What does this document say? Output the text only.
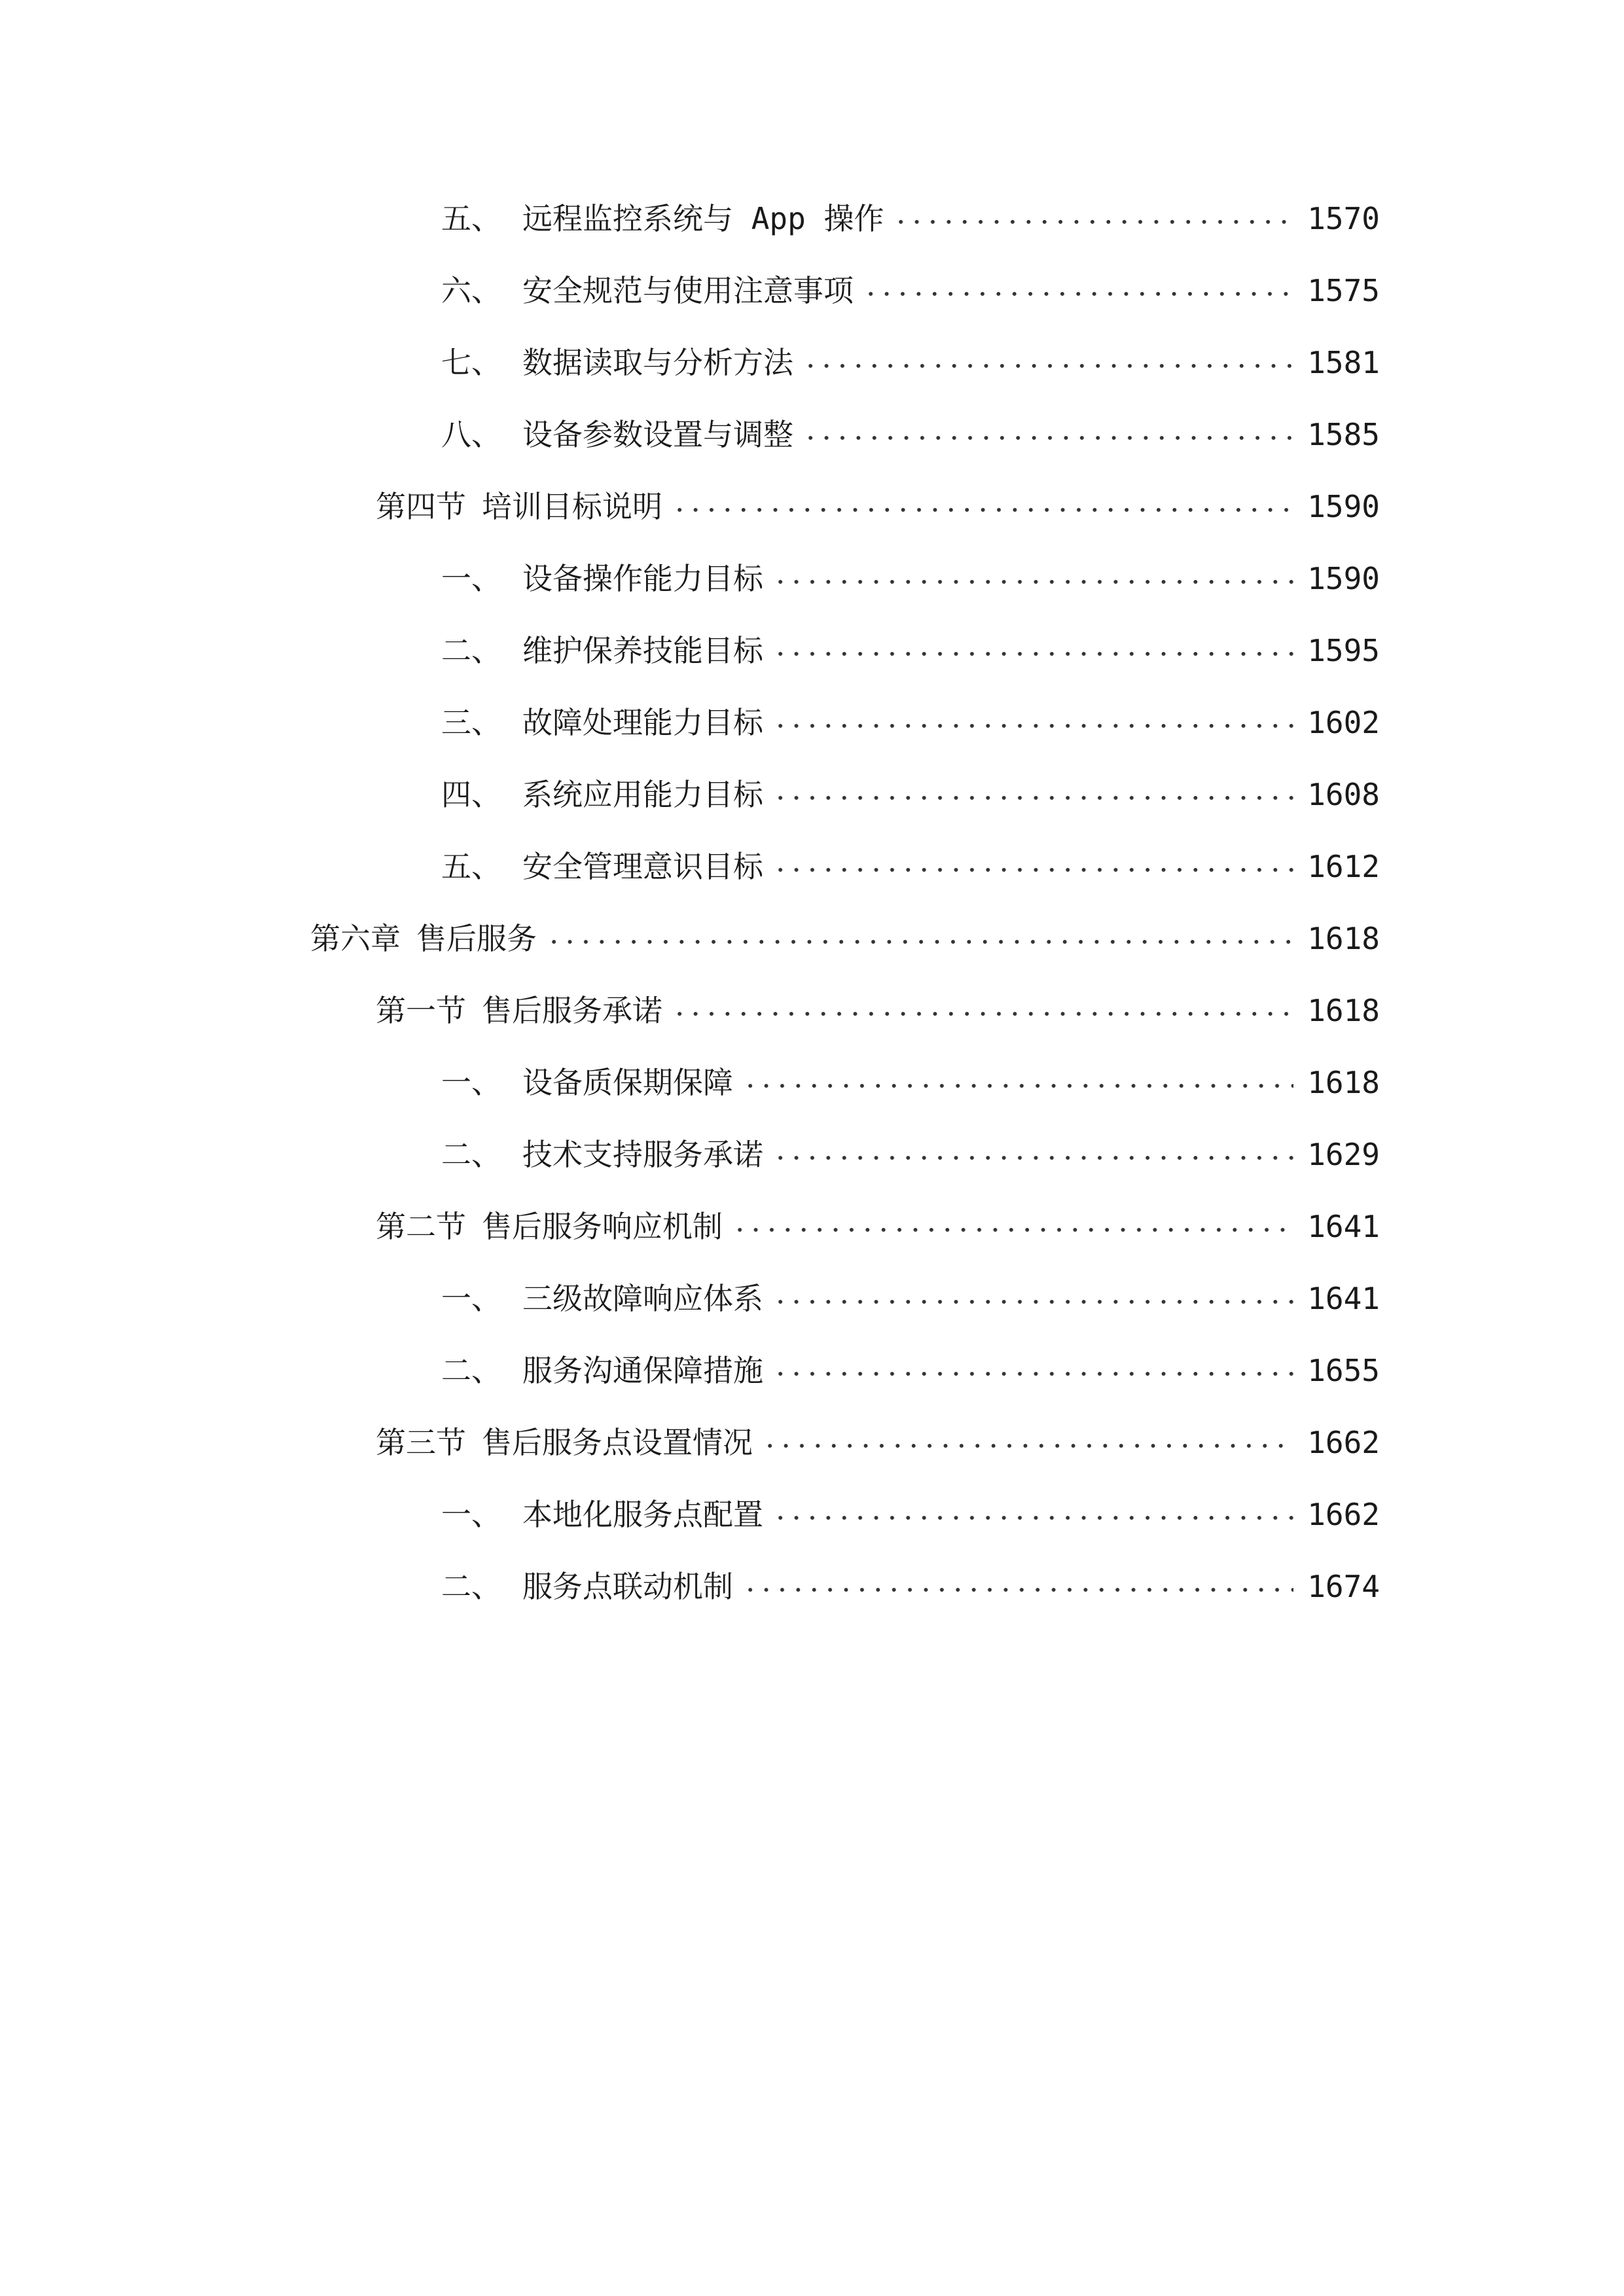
五、 远程监控系统与 App 操作	1570
六、 安全规范与使用注意事项	1575
七、 数据读取与分析方法	1581
八、 设备参数设置与调整	1585
第四节 培训目标说明	1590
一、 设备操作能力目标	1590
二、 维护保养技能目标	1595
三、 故障处理能力目标	1602
四、 系统应用能力目标	1608
五、 安全管理意识目标	1612
第六章 售后服务	1618
第一节 售后服务承诺	1618
一、 设备质保期保障	1618
二、 技术支持服务承诺	1629
第二节 售后服务响应机制	1641
一、 三级故障响应体系	1641
二、 服务沟通保障措施	1655
第三节 售后服务点设置情况	1662
一、 本地化服务点配置	1662
二、 服务点联动机制	1674
